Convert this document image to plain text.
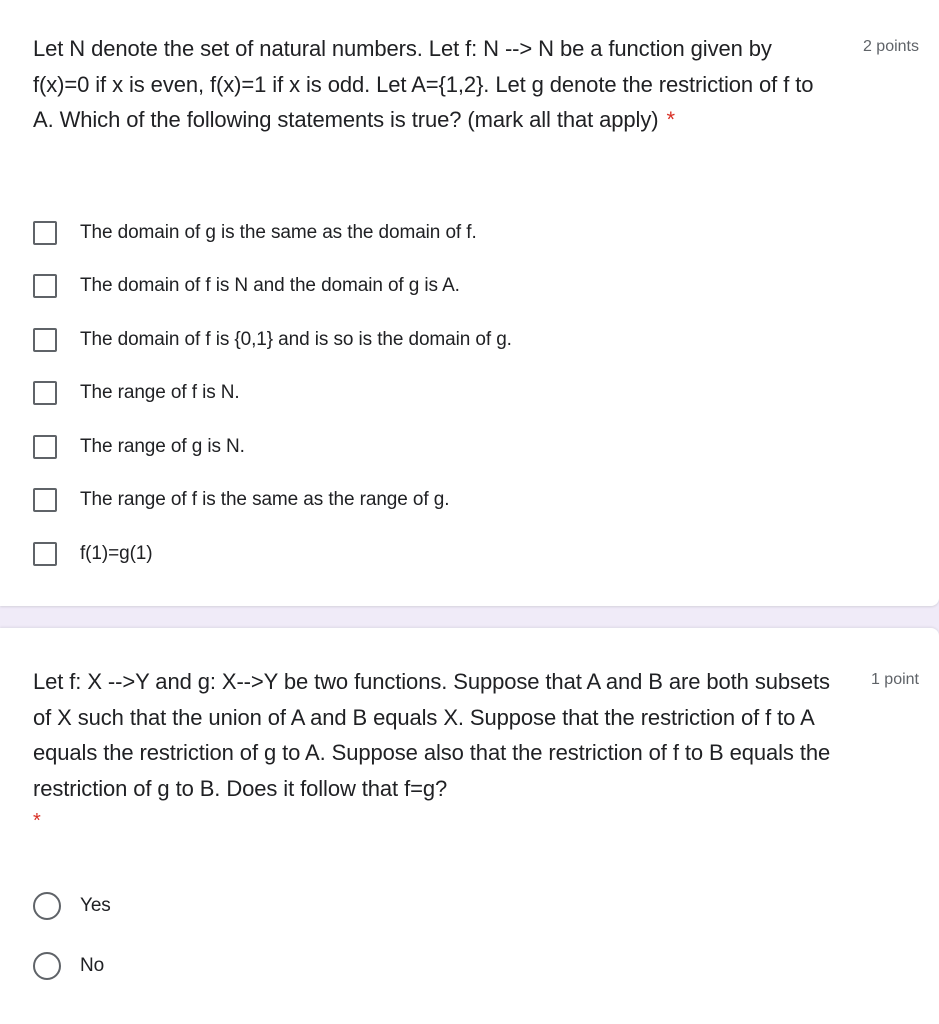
Let N denote the set of natural numbers. Let f: N --> N be a function given by f(x)=0 if x is even, f(x)=1 if x is odd. Let A={1,2}. Let g denote the restriction of f to A. Which of the following statements is true? (mark all that apply) *
2 points
The domain of g is the same as the domain of f.
The domain of f is N and the domain of g is A.
The domain of f is {0,1} and is so is the domain of g.
The range of f is N.
The range of g is N.
The range of f is the same as the range of g.
f(1)=g(1)
Let f: X -->Y and g: X-->Y be two functions. Suppose that A and B are both subsets of X such that the union of A and B equals X. Suppose that the restriction of f to A equals the restriction of g to A. Suppose also that the restriction of f to B equals the restriction of g to B. Does it follow that f=g?
*
1 point
Yes
No
